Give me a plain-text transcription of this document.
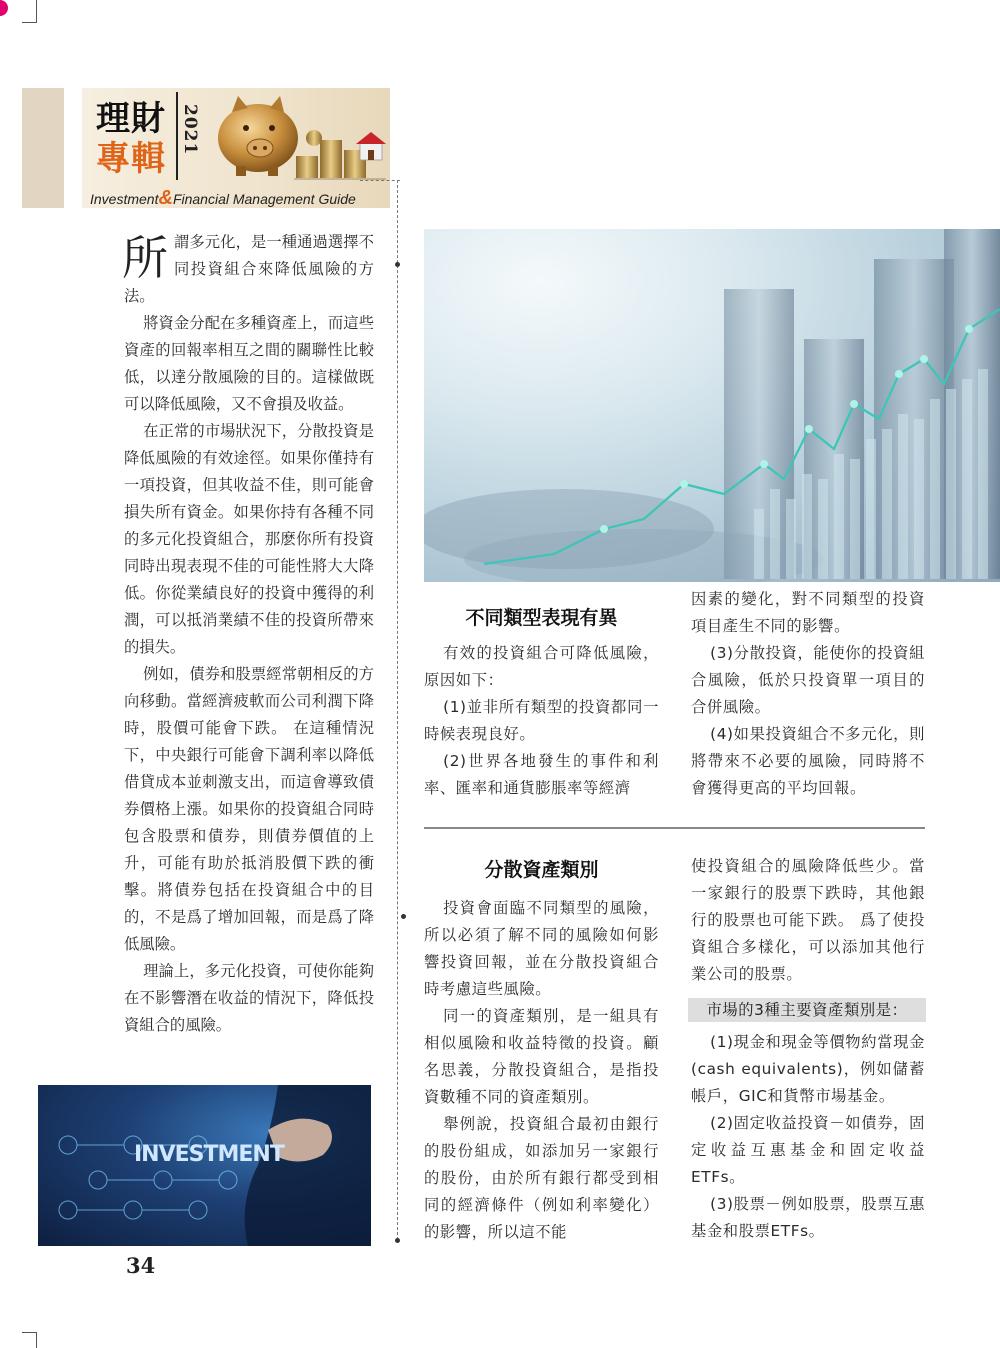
理財
專輯
2021
Investment&Financial Management Guide

所謂多元化，是一種通過選擇不同投資組合來降低風險的方法。

將資金分配在多種資產上，而這些資產的回報率相互之間的關聯性比較低，以達分散風險的目的。這樣做既可以降低風險，又不會損及收益。

在正常的市場狀況下，分散投資是降低風險的有效途徑。如果你僅持有一項投資，但其收益不佳，則可能會損失所有資金。如果你持有各種不同的多元化投資組合，那麽你所有投資同時出現表現不佳的可能性將大大降低。你從業績良好的投資中獲得的利潤，可以抵消業績不佳的投資所帶來的損失。

例如，債券和股票經常朝相反的方向移動。當經濟疲軟而公司利潤下降時，股價可能會下跌。 在這種情況下，中央銀行可能會下調利率以降低借貸成本並刺激支出，而這會導致債券價格上漲。如果你的投資組合同時包含股票和債券，則債券價值的上升，可能有助於抵消股價下跌的衝擊。將債券包括在投資組合中的目的，不是爲了增加回報，而是爲了降低風險。

理論上，多元化投資，可使你能夠在不影響潛在收益的情況下，降低投資組合的風險。

INVESTMENT
不同類型表現有異

有效的投資組合可降低風險，原因如下：

(1)並非所有類型的投資都同一時候表現良好。

(2)世界各地發生的事件和利率、匯率和通貨膨脹率等經濟

因素的變化，對不同類型的投資項目產生不同的影響。

(3)分散投資，能使你的投資組合風險，低於只投資單一項目的合併風險。

(4)如果投資組合不多元化，則將帶來不必要的風險，同時將不會獲得更高的平均回報。

分散資產類別

投資會面臨不同類型的風險，所以必須了解不同的風險如何影響投資回報，並在分散投資組合時考慮這些風險。

同一的資產類別，是一組具有相似風險和收益特徵的投資。顧名思義，分散投資組合，是指投資數種不同的資產類別。

舉例說，投資組合最初由銀行的股份組成，如添加另一家銀行的股份，由於所有銀行都受到相同的經濟條件（例如利率變化）的影響，所以這不能

使投資組合的風險降低些少。當一家銀行的股票下跌時，其他銀行的股票也可能下跌。 爲了使投資組合多樣化，可以添加其他行業公司的股票。

市場的3種主要資產類別是：

(1)現金和現金等價物約當現金(cash equivalents)，例如儲蓄帳戶，GIC和貨幣市場基金。

(2)固定收益投資－如債券，固定收益互惠基金和固定收益ETFs。

(3)股票－例如股票，股票互惠基金和股票ETFs。

34
